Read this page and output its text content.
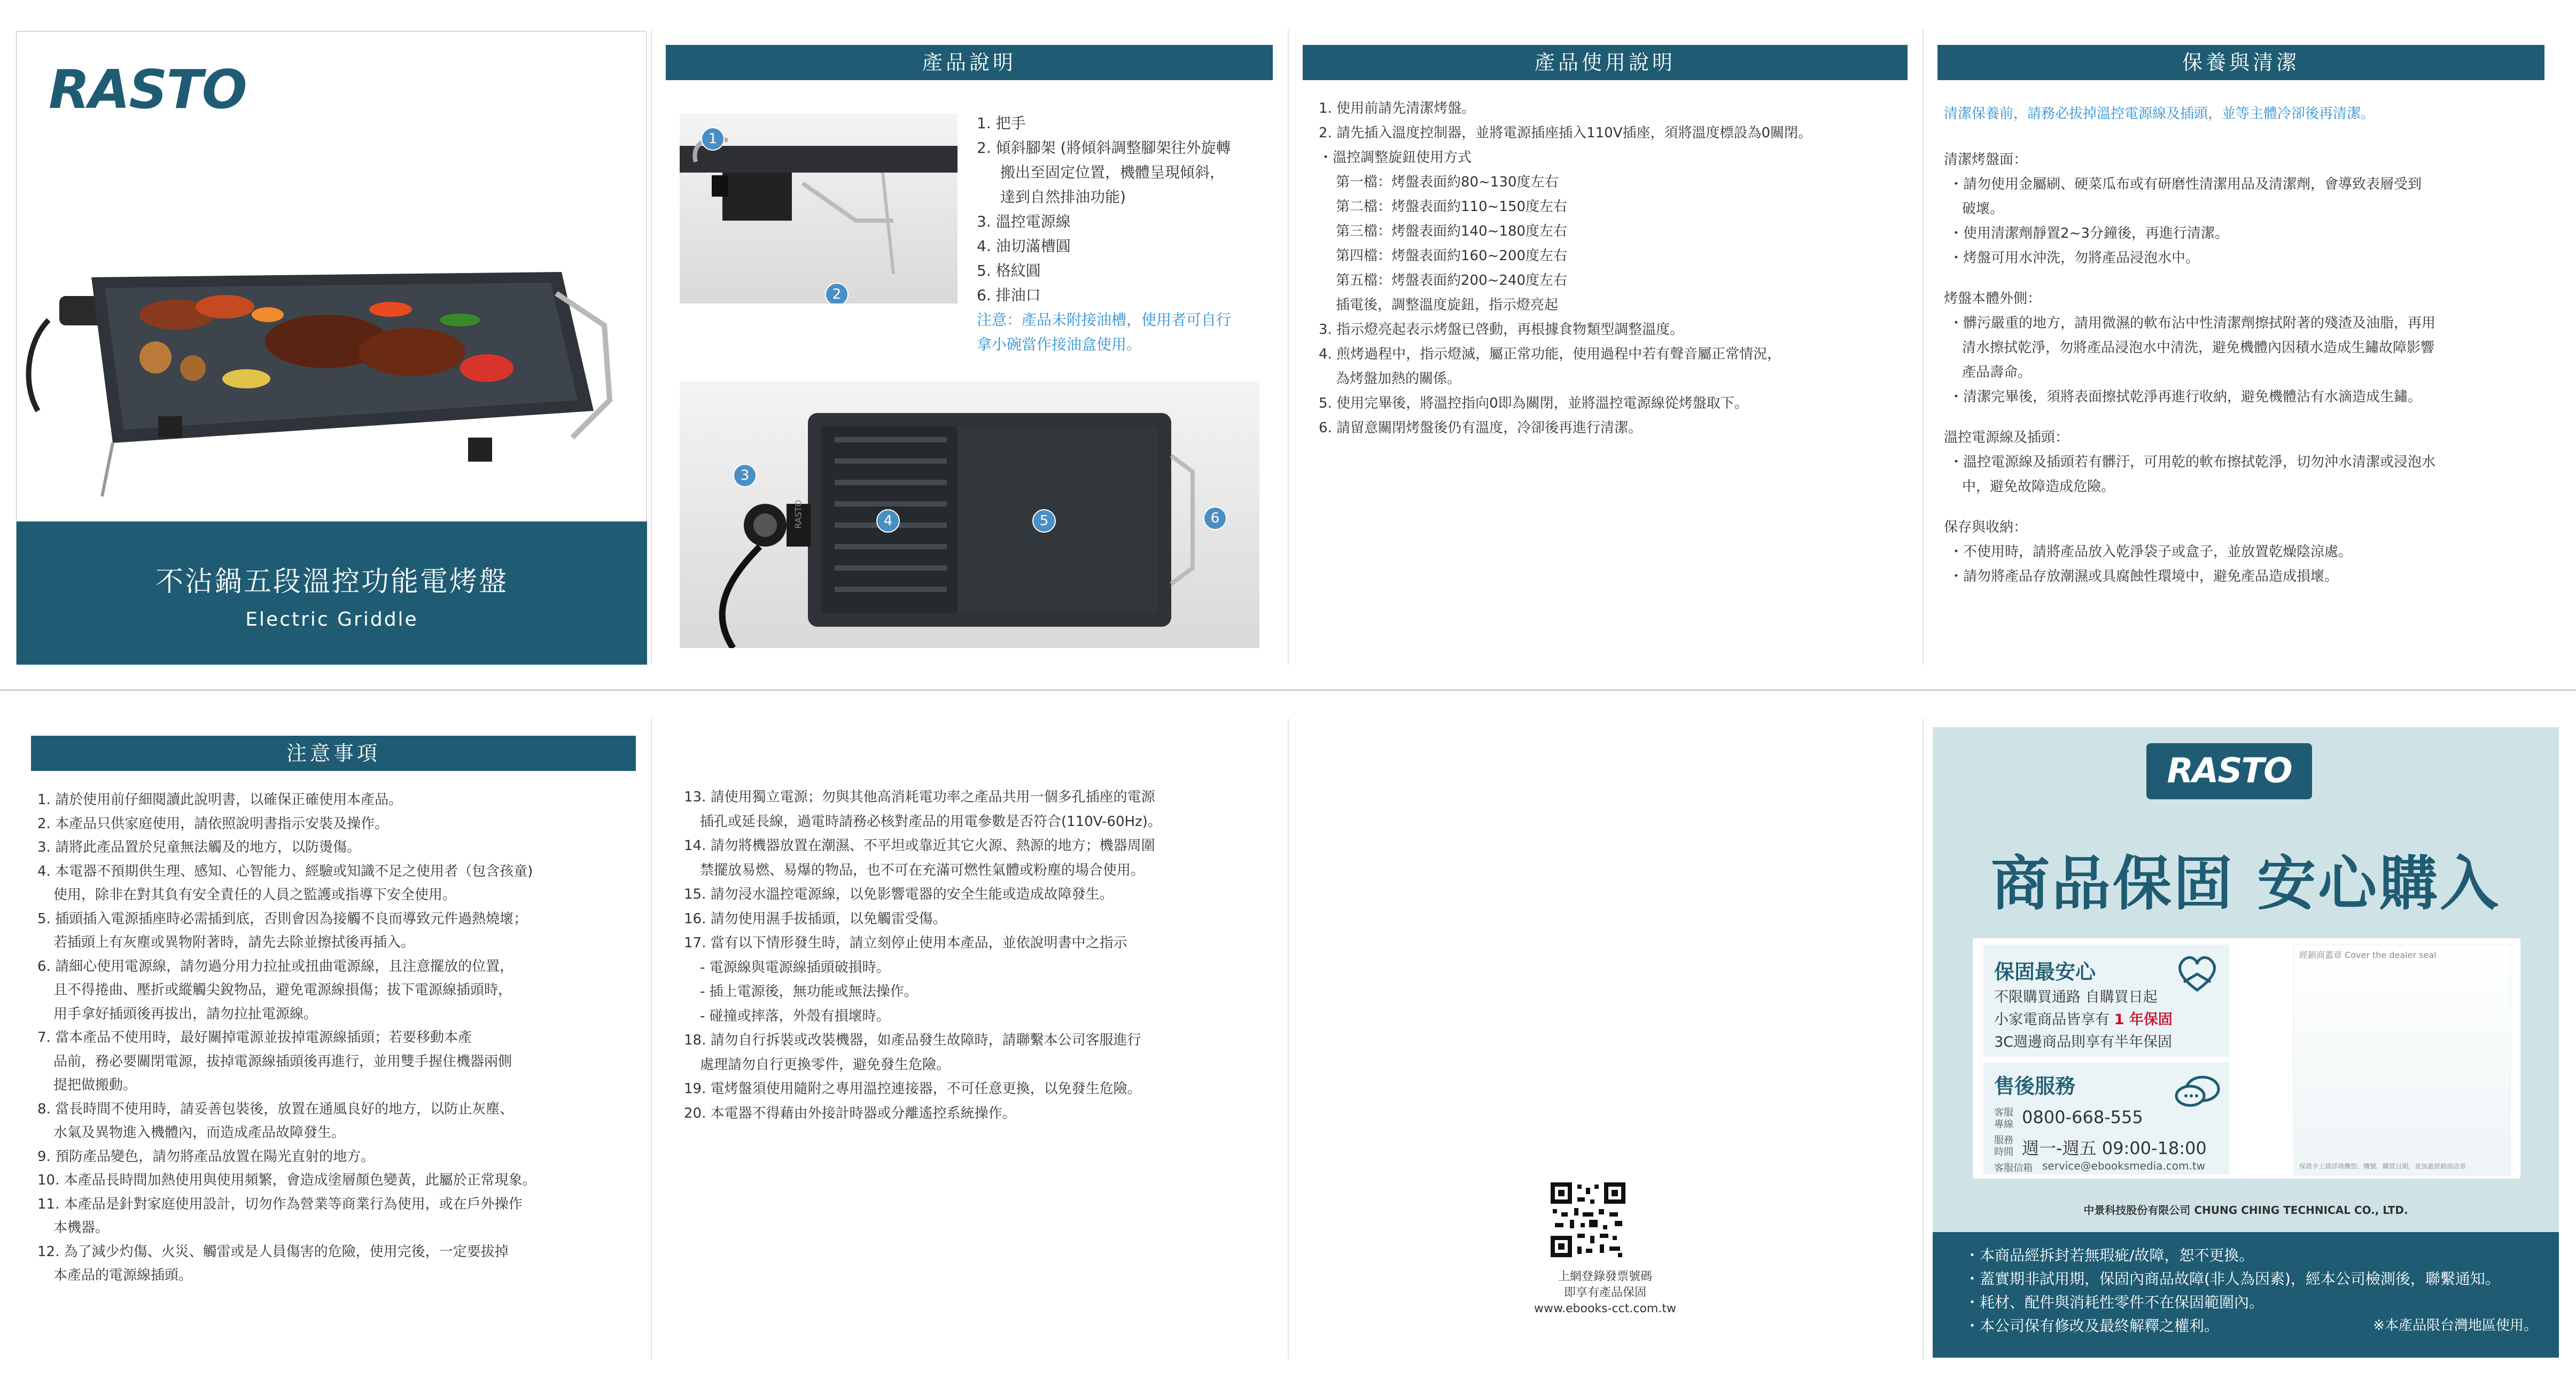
RASTO
不沾鍋五段溫控功能電烤盤
Electric Griddle
產品說明
1
2
1. 把手
2. 傾斜腳架 (將傾斜調整腳架往外旋轉
搬出至固定位置，機體呈現傾斜，
達到自然排油功能)
3. 溫控電源線
4. 油切滿槽圓
5. 格紋圓
6. 排油口
注意：產品未附接油槽，使用者可自行
拿小碗當作接油盒使用。
3
4	5	6
RASTO
產品使用說明
1. 使用前請先清潔烤盤。
2. 請先插入溫度控制器，並將電源插座插入110V插座，須將溫度標設為0關閉。
・溫控調整旋鈕使用方式
第一檔：烤盤表面約80~130度左右
第二檔：烤盤表面約110~150度左右
第三檔：烤盤表面約140~180度左右
第四檔：烤盤表面約160~200度左右
第五檔：烤盤表面約200~240度左右
插電後，調整溫度旋鈕，指示燈亮起
3. 指示燈亮起表示烤盤已啓動，再根據食物類型調整溫度。
4. 煎烤過程中，指示燈滅，屬正常功能，使用過程中若有聲音屬正常情況，
為烤盤加熱的關係。
5. 使用完畢後，將溫控指向0即為關閉，並將溫控電源線從烤盤取下。
6. 請留意關閉烤盤後仍有溫度，冷卻後再進行清潔。
保養與清潔
清潔保養前，請務必拔掉溫控電源線及插頭，並等主體冷卻後再清潔。
清潔烤盤面：
・請勿使用金屬刷、硬菜瓜布或有研磨性清潔用品及清潔劑，會導致表層受到
破壞。
・使用清潔劑靜置2~3分鐘後，再進行清潔。
・烤盤可用水沖洗，勿將產品浸泡水中。
烤盤本體外側：
・髒污嚴重的地方，請用微濕的軟布沾中性清潔劑擦拭附著的殘渣及油脂，再用
清水擦拭乾淨，勿將產品浸泡水中清洗，避免機體內因積水造成生鏽故障影響
產品壽命。
・清潔完畢後，須將表面擦拭乾淨再進行收納，避免機體沾有水滴造成生鏽。
溫控電源線及插頭：
・溫控電源線及插頭若有髒汙，可用乾的軟布擦拭乾淨，切勿沖水清潔或浸泡水
中，避免故障造成危險。
保存與收納：
・不使用時，請將產品放入乾淨袋子或盒子，並放置乾燥陰涼處。
・請勿將產品存放潮濕或具腐蝕性環境中，避免產品造成損壞。
注意事項
1. 請於使用前仔細閱讀此說明書，以確保正確使用本產品。
2. 本產品只供家庭使用，請依照說明書指示安裝及操作。
3. 請將此產品置於兒童無法觸及的地方，以防燙傷。
4. 本電器不預期供生理、感知、心智能力、經驗或知識不足之使用者（包含孩童)
使用，除非在對其負有安全責任的人員之監護或指導下安全使用。
5. 插頭插入電源插座時必需插到底，否則會因為接觸不良而導致元件過熱燒壞；
若插頭上有灰塵或異物附著時，請先去除並擦拭後再插入。
6. 請細心使用電源線，請勿過分用力拉扯或扭曲電源線，且注意擺放的位置，
且不得捲曲、壓折或縱觸尖銳物品，避免電源線損傷；拔下電源線插頭時，
用手拿好插頭後再拔出，請勿拉扯電源線。
7. 當本產品不使用時，最好關掉電源並拔掉電源線插頭；若要移動本產
品前，務必要關閉電源，拔掉電源線插頭後再進行，並用雙手握住機器兩側
提把做搬動。
8. 當長時間不使用時，請妥善包裝後，放置在通風良好的地方，以防止灰塵、
水氣及異物進入機體內，而造成產品故障發生。
9. 預防產品變色，請勿將產品放置在陽光直射的地方。
10. 本產品長時間加熱使用與使用頻繁，會造成塗層顏色變黃，此屬於正常現象。
11. 本產品是針對家庭使用設計，切勿作為營業等商業行為使用，或在戶外操作
本機器。
12. 為了減少灼傷、火災、觸雷或是人員傷害的危險，使用完後，一定要拔掉
本產品的電源線插頭。
13. 請使用獨立電源；勿與其他高消耗電功率之產品共用一個多孔插座的電源
插孔或延長線，過電時請務必核對產品的用電參數是否符合(110V-60Hz)。
14. 請勿將機器放置在潮濕、不平坦或靠近其它火源、熱源的地方；機器周圍
禁擺放易燃、易爆的物品，也不可在充滿可燃性氣體或粉塵的場合使用。
15. 請勿浸水溫控電源線，以免影響電器的安全生能或造成故障發生。
16. 請勿使用濕手拔插頭，以免觸雷受傷。
17. 當有以下情形發生時，請立刻停止使用本產品，並依說明書中之指示
- 電源線與電源線插頭破損時。
- 插上電源後，無功能或無法操作。
- 碰撞或摔落，外殼有損壞時。
18. 請勿自行拆裝或改裝機器，如產品發生故障時，請聯繫本公司客服進行
處理請勿自行更換零件，避免發生危險。
19. 電烤盤須使用隨附之專用溫控連接器，不可任意更換，以免發生危險。
20. 本電器不得藉由外接計時器或分離遙控系統操作。
上網登錄發票號碼
即享有產品保固
www.ebooks-cct.com.tw
RASTO
商品保固 安心購入
保固最安心
不限購買通路 自購買日起
小家電商品皆享有 1 年保固
3C週邊商品則享有半年保固
售後服務
客服專線 0800-668-555
服務時間 週一-週五 09:00-18:00
客服信箱 service@ebooksmedia.com.tw
經銷商蓋章 Cover the dealer seal
保證卡上請詳填機型、機號、購買日期，並加蓋經銷商店章
中景科技股份有限公司 CHUNG CHING TECHNICAL CO., LTD.
・本商品經拆封若無瑕疵/故障，恕不更換。
・蓋實期非試用期，保固內商品故障(非人為因素)，經本公司檢測後，聯繫通知。
・耗材、配件與消耗性零件不在保固範圍內。
・本公司保有修改及最終解釋之權利。	※本產品限台灣地區使用。
